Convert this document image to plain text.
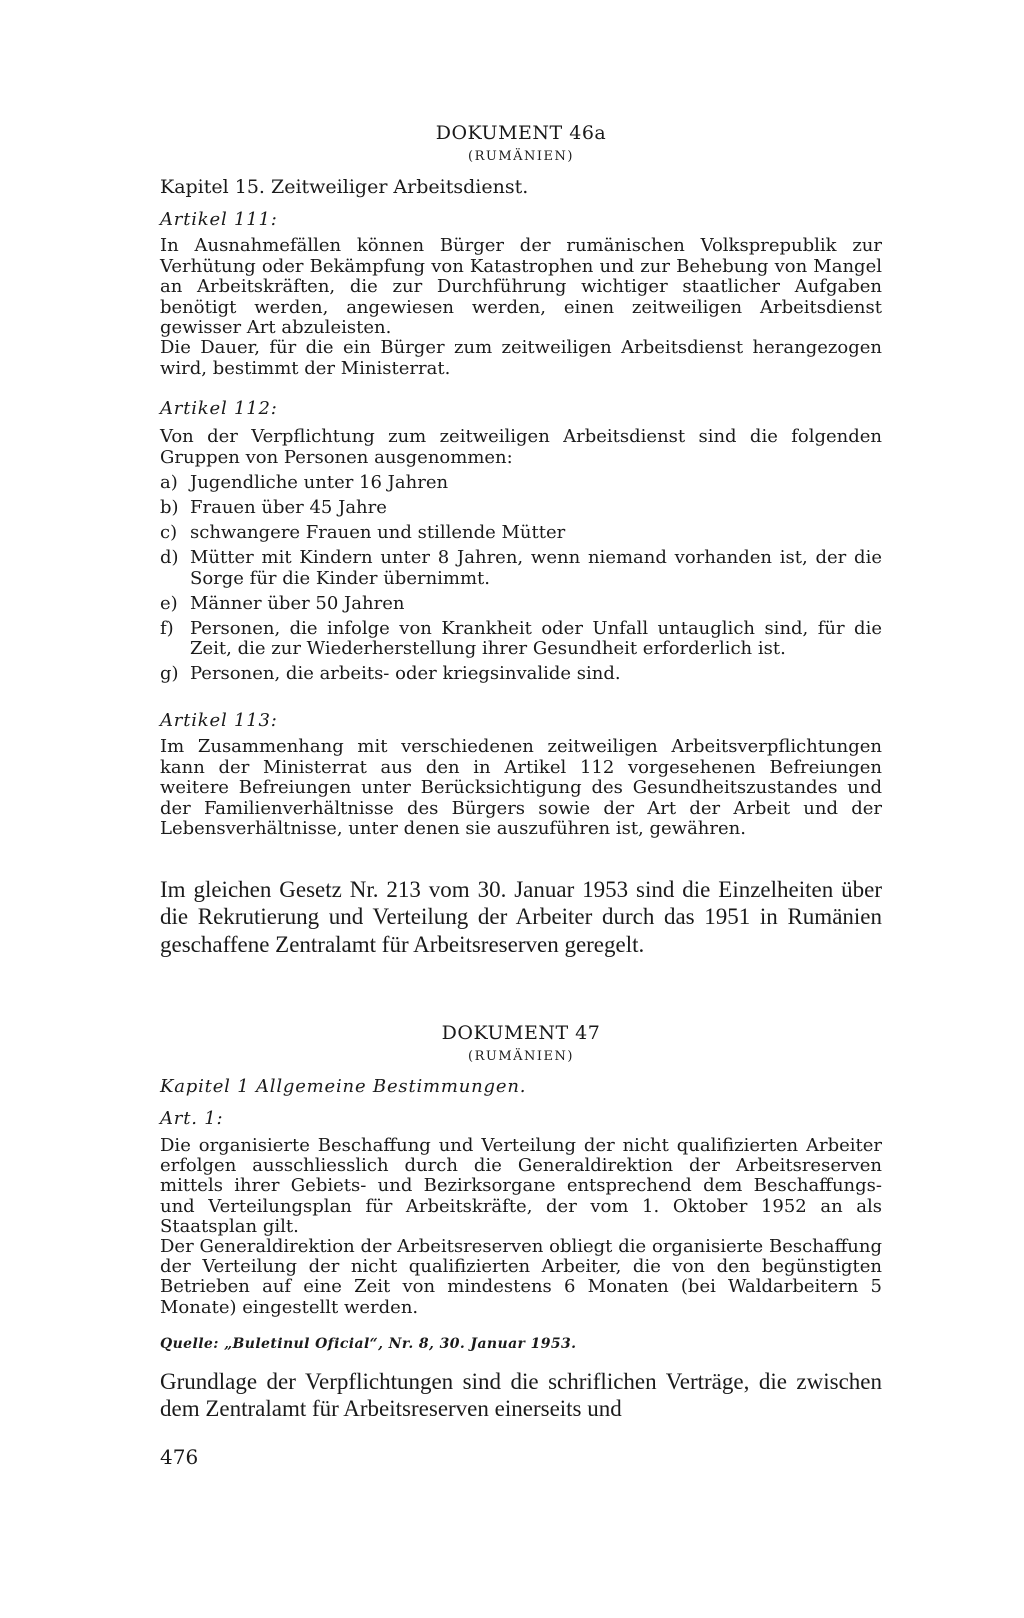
DOKUMENT 46a
(RUMÄNIEN)
Kapitel 15. Zeitweiliger Arbeitsdienst.
Artikel 111:
In Ausnahmefällen können Bürger der rumänischen Volksprepublik zur Verhütung oder Bekämpfung von Katastrophen und zur Behebung von Mangel an Arbeitskräften, die zur Durchführung wichtiger staatlicher Aufgaben benötigt werden, angewiesen werden, einen zeitweiligen Arbeitsdienst gewisser Art abzuleisten.
Die Dauer, für die ein Bürger zum zeitweiligen Arbeitsdienst herangezogen wird, bestimmt der Ministerrat.
Artikel 112:
Von der Verpflichtung zum zeitweiligen Arbeitsdienst sind die folgenden Gruppen von Personen ausgenommen:
a) Jugendliche unter 16 Jahren
b) Frauen über 45 Jahre
c) schwangere Frauen und stillende Mütter
d) Mütter mit Kindern unter 8 Jahren, wenn niemand vorhanden ist, der die Sorge für die Kinder übernimmt.
e) Männer über 50 Jahren
f) Personen, die infolge von Krankheit oder Unfall untauglich sind, für die Zeit, die zur Wiederherstellung ihrer Gesundheit erforderlich ist.
g) Personen, die arbeits- oder kriegsinvalide sind.
Artikel 113:
Im Zusammenhang mit verschiedenen zeitweiligen Arbeitsverpflichtungen kann der Ministerrat aus den in Artikel 112 vorgesehenen Befreiungen weitere Befreiungen unter Berücksichtigung des Gesundheitszustandes und der Familienverhältnisse des Bürgers sowie der Art der Arbeit und der Lebensverhältnisse, unter denen sie auszuführen ist, gewähren.
Im gleichen Gesetz Nr. 213 vom 30. Januar 1953 sind die Einzelheiten über die Rekrutierung und Verteilung der Arbeiter durch das 1951 in Rumänien geschaffene Zentralamt für Arbeitsreserven geregelt.
DOKUMENT 47
(RUMÄNIEN)
Kapitel 1 Allgemeine Bestimmungen.
Art. 1:
Die organisierte Beschaffung und Verteilung der nicht qualifizierten Arbeiter erfolgen ausschliesslich durch die Generaldirektion der Arbeitsreserven mittels ihrer Gebiets- und Bezirksorgane entsprechend dem Beschaffungs- und Verteilungsplan für Arbeitskräfte, der vom 1. Oktober 1952 an als Staatsplan gilt.
Der Generaldirektion der Arbeitsreserven obliegt die organisierte Beschaffung der Verteilung der nicht qualifizierten Arbeiter, die von den begünstigten Betrieben auf eine Zeit von mindestens 6 Monaten (bei Waldarbeitern 5 Monate) eingestellt werden.
Quelle: „Buletinul Oficial“, Nr. 8, 30. Januar 1953.
Grundlage der Verpflichtungen sind die schriflichen Verträge, die zwischen dem Zentralamt für Arbeitsreserven einerseits und
476
